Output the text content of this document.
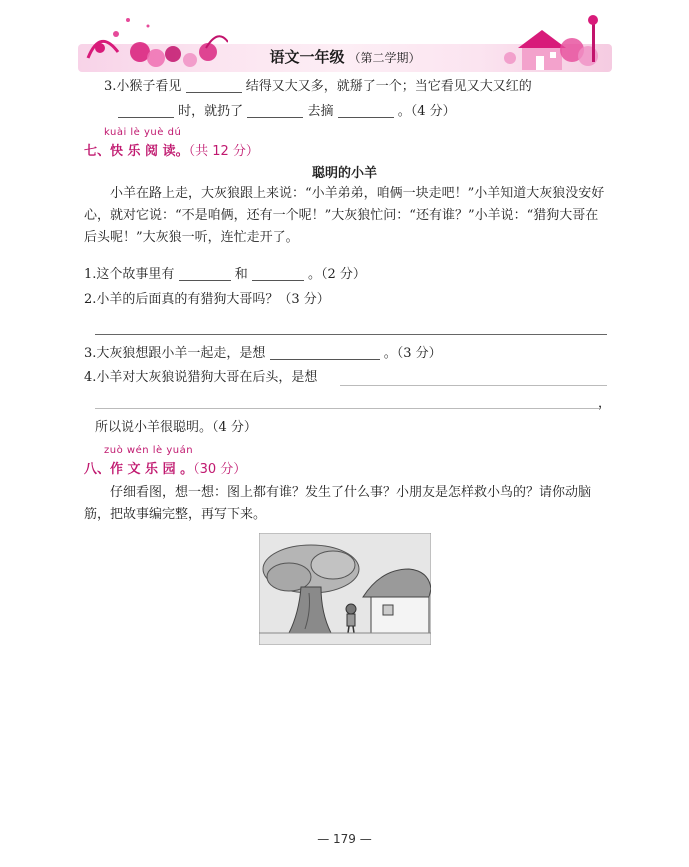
语文一年级 （第二学期）
3.小猴子看见	结得又大又多，就掰了一个；当它看见又大又红的
时，就扔了	去摘	。（4 分）
kuài lè yuè dú
七、快 乐 阅 读。（共 12 分）
聪明的小羊
小羊在路上走，大灰狼跟上来说：“小羊弟弟，咱俩一块走吧！”小羊知道大灰狼没安好心，就对它说：“不是咱俩，还有一个呢！”大灰狼忙问：“还有谁？”小羊说：“猎狗大哥在后头呢！”大灰狼一听，连忙走开了。
1.这个故事里有	和	。（2 分）
2.小羊的后面真的有猎狗大哥吗？（3 分）
3.大灰狼想跟小羊一起走，是想	。（3 分）
4.小羊对大灰狼说猎狗大哥在后头，是想
，
所以说小羊很聪明。（4 分）
zuò wén lè yuán
八、作 文 乐 园 。（30 分）
仔细看图，想一想：图上都有谁？发生了什么事？小朋友是怎样救小鸟的？请你动脑筋，把故事编完整，再写下来。
— 179 —
